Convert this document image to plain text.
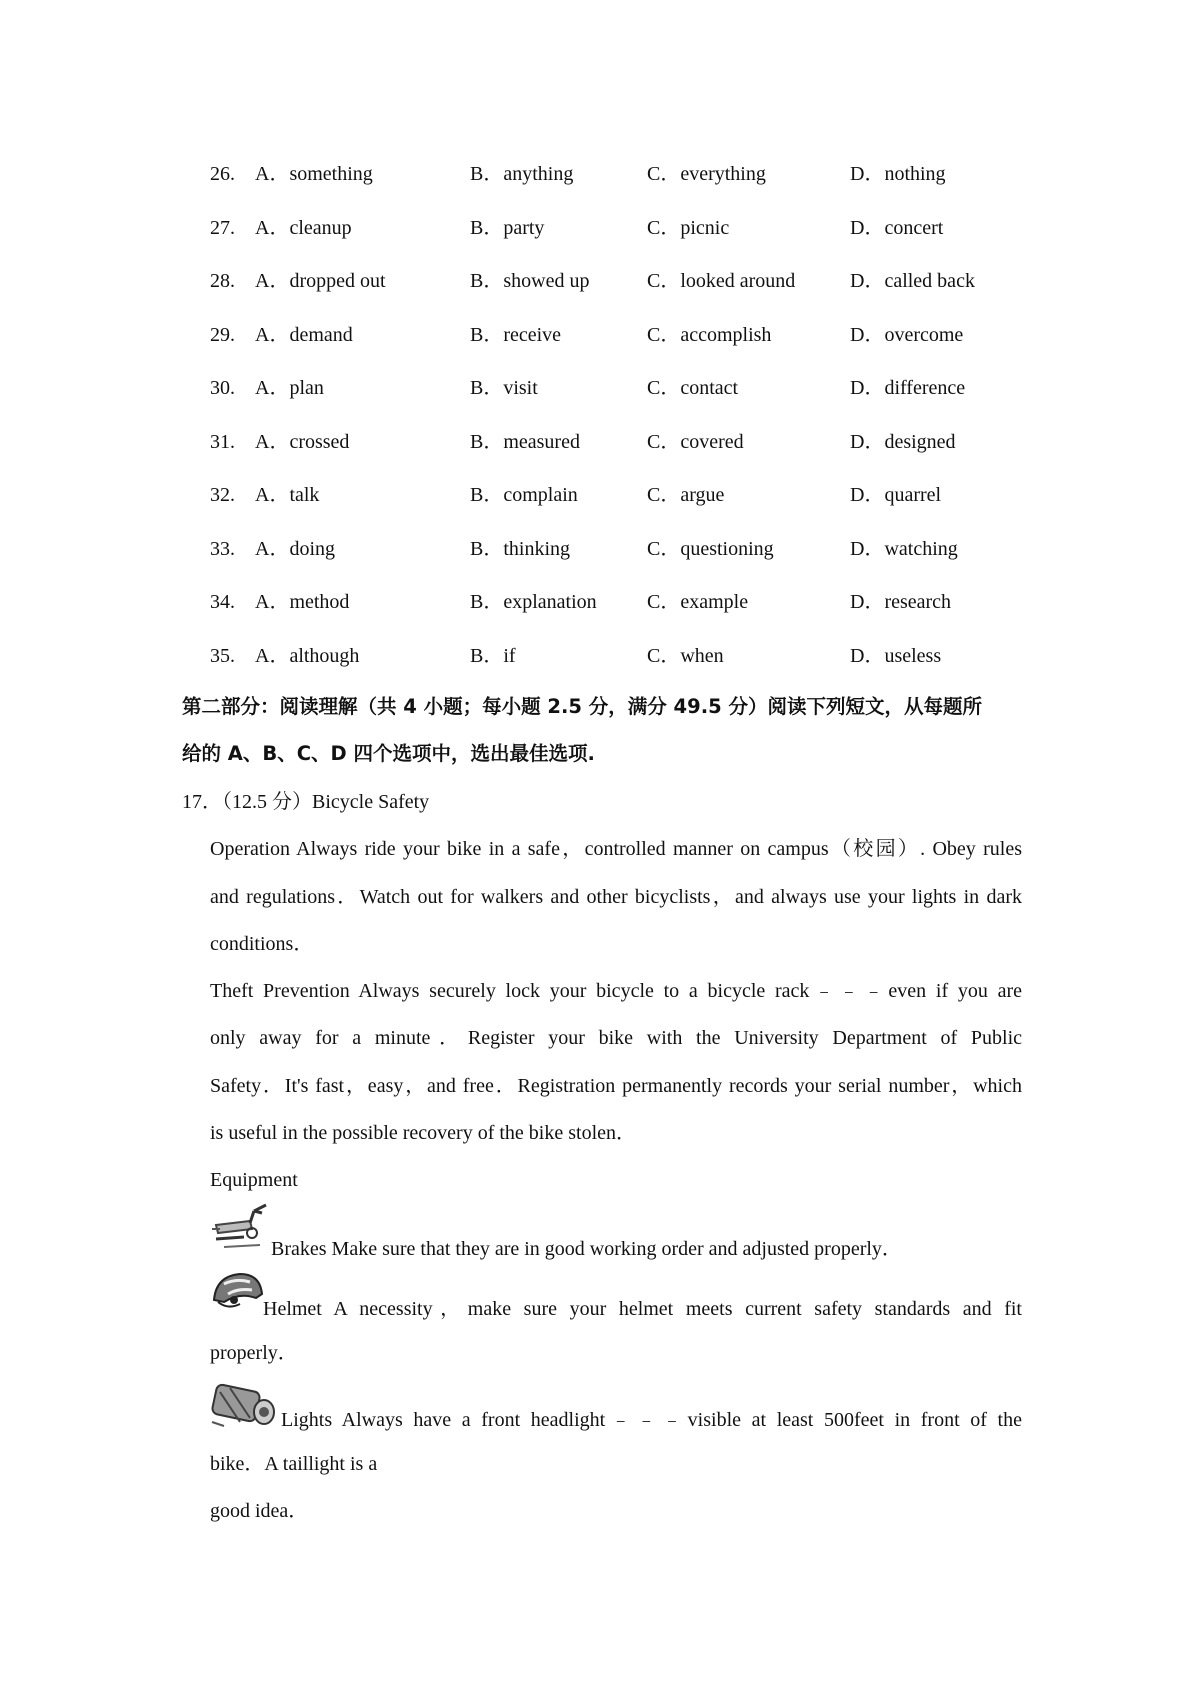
26. A．something	B．anything	C．everything	D．nothing
27. A．cleanup	B．party	C．picnic	D．concert
28. A．dropped out	B．showed up	C．looked around	D．called back
29. A．demand	B．receive	C．accomplish	D．overcome
30. A．plan	B．visit	C．contact	D．difference
31. A．crossed	B．measured	C．covered	D．designed
32. A．talk	B．complain	C．argue	D．quarrel
33. A．doing	B．thinking	C．questioning	D．watching
34. A．method	B．explanation	C．example	D．research
35. A．although	B．if	C．when	D．useless
第二部分：阅读理解（共 4 小题；每小题 2.5 分，满分 49.5 分）阅读下列短文，从每题所
给的 A、B、C、D 四个选项中，选出最佳选项.
17．（12.5 分）Bicycle Safety
Operation Always ride your bike in a safe，controlled manner on campus（校园）. Obey rules
and regulations．Watch out for walkers and other bicyclists，and always use your lights in dark
conditions．
Theft Prevention Always securely lock your bicycle to a bicycle rack﹣﹣﹣even if you are
only away for a minute．Register your bike with the University Department of Public
Safety．It's fast，easy，and free．Registration permanently records your serial number，which
is useful in the possible recovery of the bike stolen．
Equipment
Brakes Make sure that they are in good working order and adjusted properly．
Helmet A necessity，make sure your helmet meets current safety standards and fit
properly．
Lights Always have a front headlight﹣﹣﹣visible at least 500feet in front of the
bike．A taillight is a
good idea．
